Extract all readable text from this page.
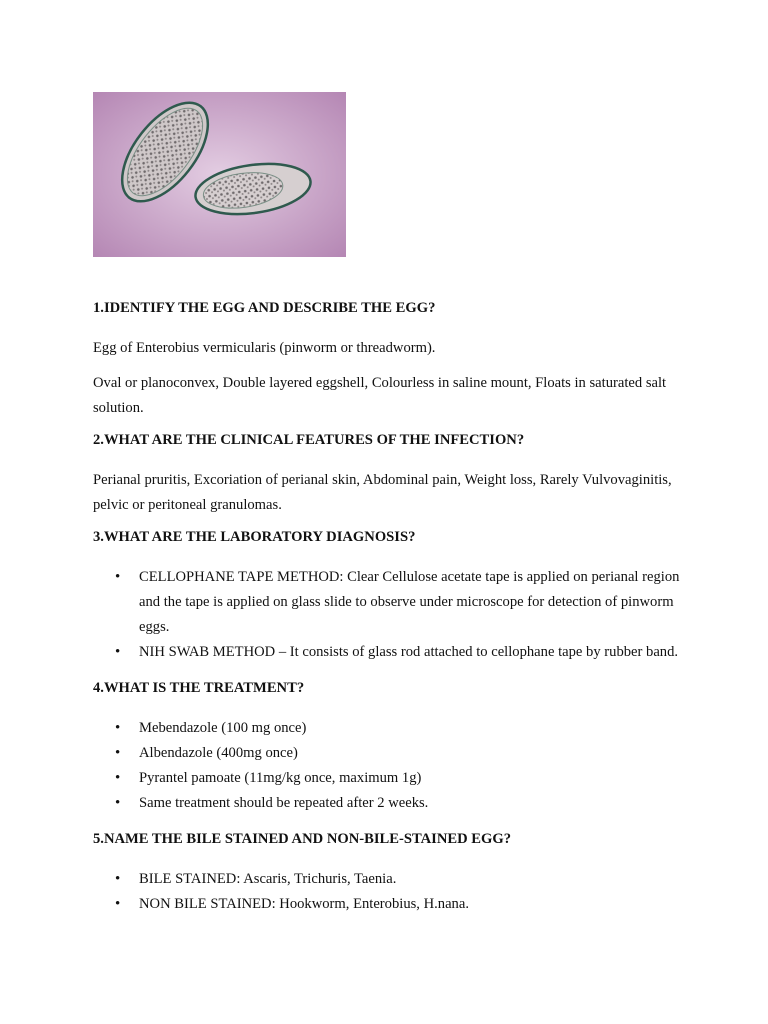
1.IDENTIFY THE EGG AND DESCRIBE THE EGG?

Egg of Enterobius vermicularis (pinworm or threadworm).

Oval or planoconvex, Double layered eggshell, Colourless in saline mount, Floats in saturated salt solution.

2.WHAT ARE THE CLINICAL FEATURES OF THE INFECTION?

Perianal pruritis, Excoriation of perianal skin, Abdominal pain, Weight loss, Rarely Vulvovaginitis, pelvic or peritoneal granulomas.

3.WHAT ARE THE LABORATORY DIAGNOSIS?
• CELLOPHANE TAPE METHOD: Clear Cellulose acetate tape is applied on perianal region and the tape is applied on glass slide to observe under microscope for detection of pinworm eggs.
• NIH SWAB METHOD – It consists of glass rod attached to cellophane tape by rubber band.
4.WHAT IS THE TREATMENT?
• Mebendazole (100 mg once)
• Albendazole (400mg once)
• Pyrantel pamoate (11mg/kg once, maximum 1g)
• Same treatment should be repeated after 2 weeks.
5.NAME THE BILE STAINED AND NON-BILE-STAINED EGG?
• BILE STAINED: Ascaris, Trichuris, Taenia.
• NON BILE STAINED: Hookworm, Enterobius, H.nana.
